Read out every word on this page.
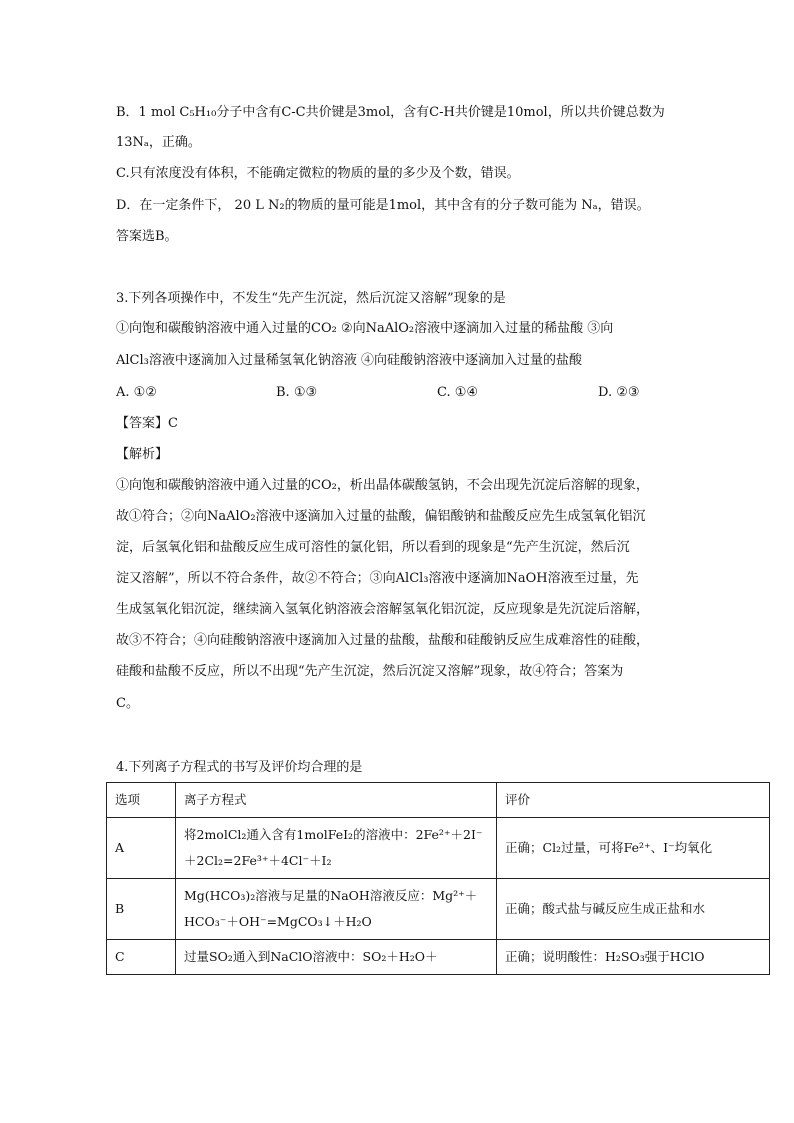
B．1 mol C₅H₁₀分子中含有C-C共价键是3mol，含有C-H共价键是10mol，所以共价键总数为
13Nₐ，正确。
C.只有浓度没有体积，不能确定微粒的物质的量的多少及个数，错误。
D．在一定条件下， 20 L N₂的物质的量可能是1mol，其中含有的分子数可能为 Nₐ，错误。
答案选B。
3.下列各项操作中，不发生“先产生沉淀，然后沉淀又溶解”现象的是
①向饱和碳酸钠溶液中通入过量的CO₂ ②向NaAlO₂溶液中逐滴加入过量的稀盐酸 ③向
AlCl₃溶液中逐滴加入过量稀氢氧化钠溶液 ④向硅酸钠溶液中逐滴加入过量的盐酸
A. ①②	B. ①③	C. ①④	D. ②③
【答案】C
【解析】
①向饱和碳酸钠溶液中通入过量的CO₂，析出晶体碳酸氢钠，不会出现先沉淀后溶解的现象，
故①符合；②向NaAlO₂溶液中逐滴加入过量的盐酸，偏铝酸钠和盐酸反应先生成氢氧化铝沉
淀，后氢氧化铝和盐酸反应生成可溶性的氯化铝，所以看到的现象是“先产生沉淀，然后沉
淀又溶解”，所以不符合条件，故②不符合；③向AlCl₃溶液中逐滴加NaOH溶液至过量，先
生成氢氧化铝沉淀，继续滴入氢氧化钠溶液会溶解氢氧化铝沉淀，反应现象是先沉淀后溶解，
故③不符合；④向硅酸钠溶液中逐滴加入过量的盐酸，盐酸和硅酸钠反应生成难溶性的硅酸，
硅酸和盐酸不反应，所以不出现“先产生沉淀，然后沉淀又溶解”现象，故④符合；答案为
C。
4.下列离子方程式的书写及评价均合理的是
选项	离子方程式	评价
A	将2molCl₂通入含有1molFeI₂的溶液中：2Fe²⁺＋2I⁻
＋2Cl₂=2Fe³⁺＋4Cl⁻＋I₂	正确；Cl₂过量，可将Fe²⁺、I⁻均氧化
B	Mg(HCO₃)₂溶液与足量的NaOH溶液反应：Mg²⁺＋
HCO₃⁻＋OH⁻=MgCO₃↓＋H₂O	正确；酸式盐与碱反应生成正盐和水
C	过量SO₂通入到NaClO溶液中：SO₂＋H₂O＋	正确；说明酸性：H₂SO₃强于HClO
